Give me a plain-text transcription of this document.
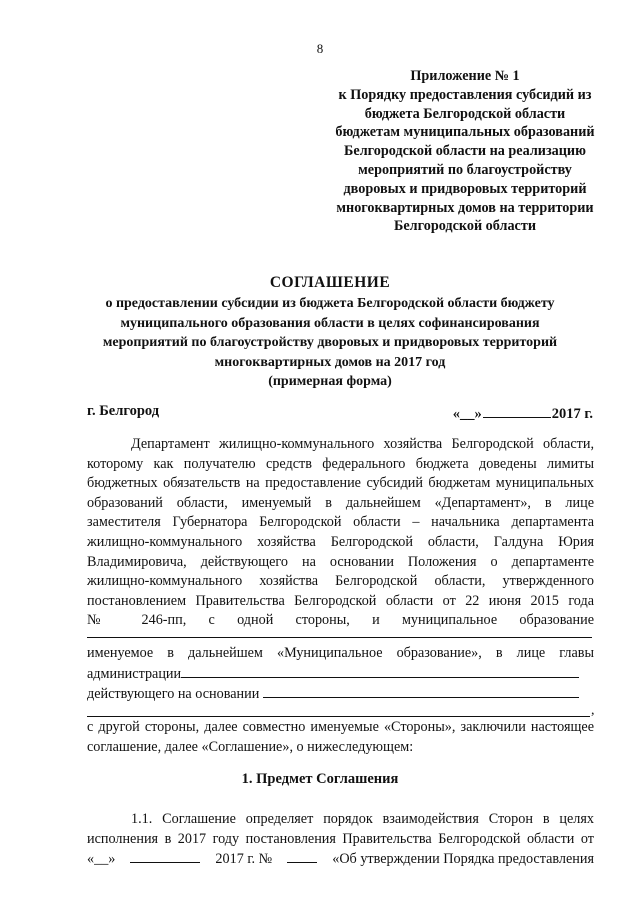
8
Приложение № 1
к Порядку предоставления субсидий из
бюджета Белгородской области
бюджетам муниципальных образований
Белгородской области на реализацию
мероприятий по благоустройству
дворовых и придворовых территорий
многоквартирных домов на территории
Белгородской области
СОГЛАШЕНИЕ
о предоставлении субсидии из бюджета Белгородской области бюджету
муниципального образования области в целях софинансирования
мероприятий по благоустройству дворовых и придворовых территорий
многоквартирных домов на 2017 год
(примерная форма)
г. Белгород	«__»	2017 г.
Департамент жилищно-коммунального хозяйства Белгородской области,
которому как получателю средств федерального бюджета доведены лимиты
бюджетных обязательств на предоставление субсидий бюджетам муниципальных
образований области, именуемый в дальнейшем «Департамент», в лице
заместителя Губернатора Белгородской области – начальника департамента
жилищно-коммунального хозяйства Белгородской области, Галдуна Юрия
Владимировича, действующего на основании Положения о департаменте
жилищно-коммунального хозяйства Белгородской области, утвержденного
постановлением Правительства Белгородской области от 22 июня 2015 года
№ 246-пп, с одной стороны, и муниципальное образование
именуемое в дальнейшем «Муниципальное образование», в лице главы
администрации
действующего на основании
,
с другой стороны, далее совместно именуемые «Стороны», заключили настоящее
соглашение, далее «Соглашение», о нижеследующем:
1. Предмет Соглашения
1.1. Соглашение определяет порядок взаимодействия Сторон в целях
исполнения в 2017 году постановления Правительства Белгородской области от
«__»	2017 г. №	«Об утверждении Порядка предоставления
